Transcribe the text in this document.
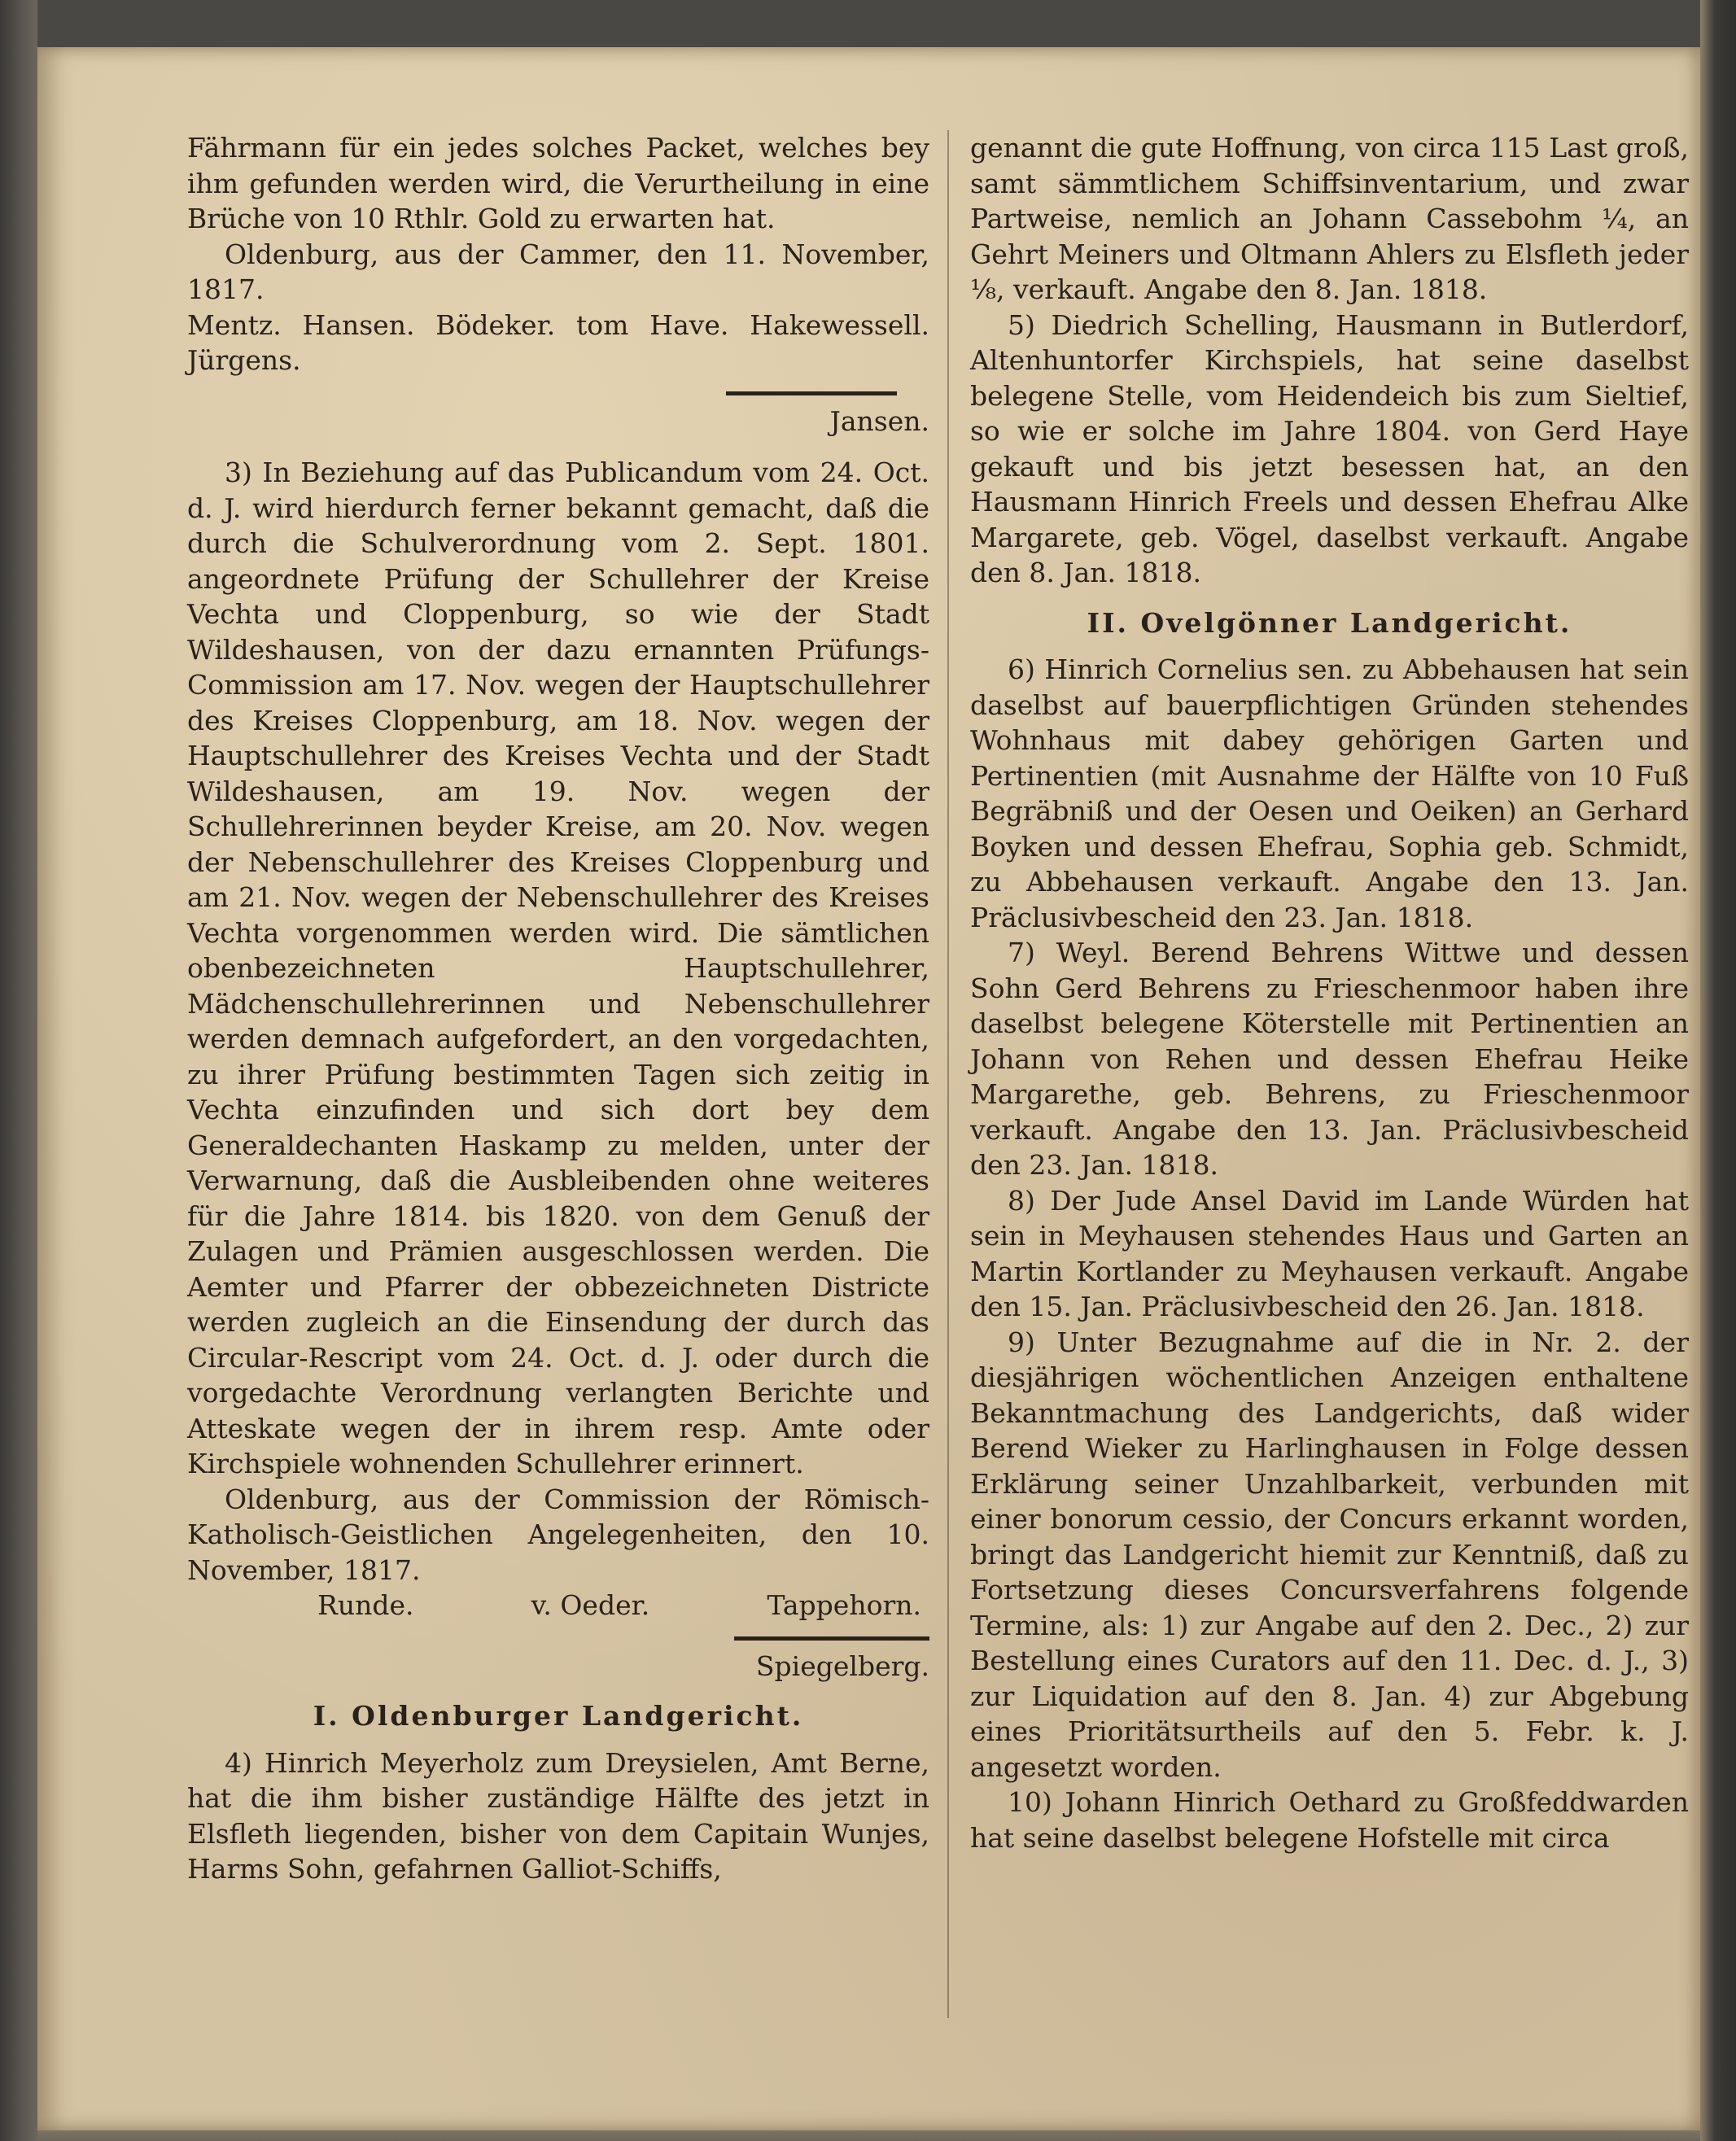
Fährmann für ein jedes solches Packet, welches bey ihm gefunden werden wird, die Verurtheilung in eine Brüche von 10 Rthlr. Gold zu erwarten hat.

Oldenburg, aus der Cammer, den 11. November, 1817.

Mentz. Hansen. Bödeker. tom Have. Hakewessell. Jürgens.

Jansen.

3) In Beziehung auf das Publicandum vom 24. Oct. d. J. wird hierdurch ferner bekannt gemacht, daß die durch die Schulverordnung vom 2. Sept. 1801. angeordnete Prüfung der Schullehrer der Kreise Vechta und Cloppenburg, so wie der Stadt Wildeshausen, von der dazu ernannten Prüfungs-Commission am 17. Nov. wegen der Hauptschullehrer des Kreises Cloppenburg, am 18. Nov. wegen der Hauptschullehrer des Kreises Vechta und der Stadt Wildeshausen, am 19. Nov. wegen der Schullehrerinnen beyder Kreise, am 20. Nov. wegen der Nebenschullehrer des Kreises Cloppenburg und am 21. Nov. wegen der Nebenschullehrer des Kreises Vechta vorgenommen werden wird. Die sämtlichen obenbezeichneten Hauptschullehrer, Mädchenschullehrerinnen und Nebenschullehrer werden demnach aufgefordert, an den vorgedachten, zu ihrer Prüfung bestimmten Tagen sich zeitig in Vechta einzufinden und sich dort bey dem Generaldechanten Haskamp zu melden, unter der Verwarnung, daß die Ausbleibenden ohne weiteres für die Jahre 1814. bis 1820. von dem Genuß der Zulagen und Prämien ausgeschlossen werden. Die Aemter und Pfarrer der obbezeichneten Districte werden zugleich an die Einsendung der durch das Circular-Rescript vom 24. Oct. d. J. oder durch die vorgedachte Verordnung verlangten Berichte und Atteskate wegen der in ihrem resp. Amte oder Kirchspiele wohnenden Schullehrer erinnert.

Oldenburg, aus der Commission der Römisch-Katholisch-Geistlichen Angelegenheiten, den 10. November, 1817.

Runde.	v. Oeder.	Tappehorn.

Spiegelberg.

I. Oldenburger Landgericht.

4) Hinrich Meyerholz zum Dreysielen, Amt Berne, hat die ihm bisher zuständige Hälfte des jetzt in Elsfleth liegenden, bisher von dem Capitain Wunjes, Harms Sohn, gefahrnen Galliot-Schiffs,

genannt die gute Hoffnung, von circa 115 Last groß, samt sämmtlichem Schiffsinventarium, und zwar Partweise, nemlich an Johann Cassebohm ¼, an Gehrt Meiners und Oltmann Ahlers zu Elsfleth jeder ⅛, verkauft. Angabe den 8. Jan. 1818.

5) Diedrich Schelling, Hausmann in Butlerdorf, Altenhuntorfer Kirchspiels, hat seine daselbst belegene Stelle, vom Heidendeich bis zum Sieltief, so wie er solche im Jahre 1804. von Gerd Haye gekauft und bis jetzt besessen hat, an den Hausmann Hinrich Freels und dessen Ehefrau Alke Margarete, geb. Vögel, daselbst verkauft. Angabe den 8. Jan. 1818.

II. Ovelgönner Landgericht.

6) Hinrich Cornelius sen. zu Abbehausen hat sein daselbst auf bauerpflichtigen Gründen stehendes Wohnhaus mit dabey gehörigen Garten und Pertinentien (mit Ausnahme der Hälfte von 10 Fuß Begräbniß und der Oesen und Oeiken) an Gerhard Boyken und dessen Ehefrau, Sophia geb. Schmidt, zu Abbehausen verkauft. Angabe den 13. Jan. Präclusivbescheid den 23. Jan. 1818.

7) Weyl. Berend Behrens Wittwe und dessen Sohn Gerd Behrens zu Frieschenmoor haben ihre daselbst belegene Köterstelle mit Pertinentien an Johann von Rehen und dessen Ehefrau Heike Margarethe, geb. Behrens, zu Frieschenmoor verkauft. Angabe den 13. Jan. Präclusivbescheid den 23. Jan. 1818.

8) Der Jude Ansel David im Lande Würden hat sein in Meyhausen stehendes Haus und Garten an Martin Kortlander zu Meyhausen verkauft. Angabe den 15. Jan. Präclusivbescheid den 26. Jan. 1818.

9) Unter Bezugnahme auf die in Nr. 2. der diesjährigen wöchentlichen Anzeigen enthaltene Bekanntmachung des Landgerichts, daß wider Berend Wieker zu Harlinghausen in Folge dessen Erklärung seiner Unzahlbarkeit, verbunden mit einer bonorum cessio, der Concurs erkannt worden, bringt das Landgericht hiemit zur Kenntniß, daß zu Fortsetzung dieses Concursverfahrens folgende Termine, als: 1) zur Angabe auf den 2. Dec., 2) zur Bestellung eines Curators auf den 11. Dec. d. J., 3) zur Liquidation auf den 8. Jan. 4) zur Abgebung eines Prioritätsurtheils auf den 5. Febr. k. J. angesetzt worden.

10) Johann Hinrich Oethard zu Großfeddwarden hat seine daselbst belegene Hofstelle mit circa
